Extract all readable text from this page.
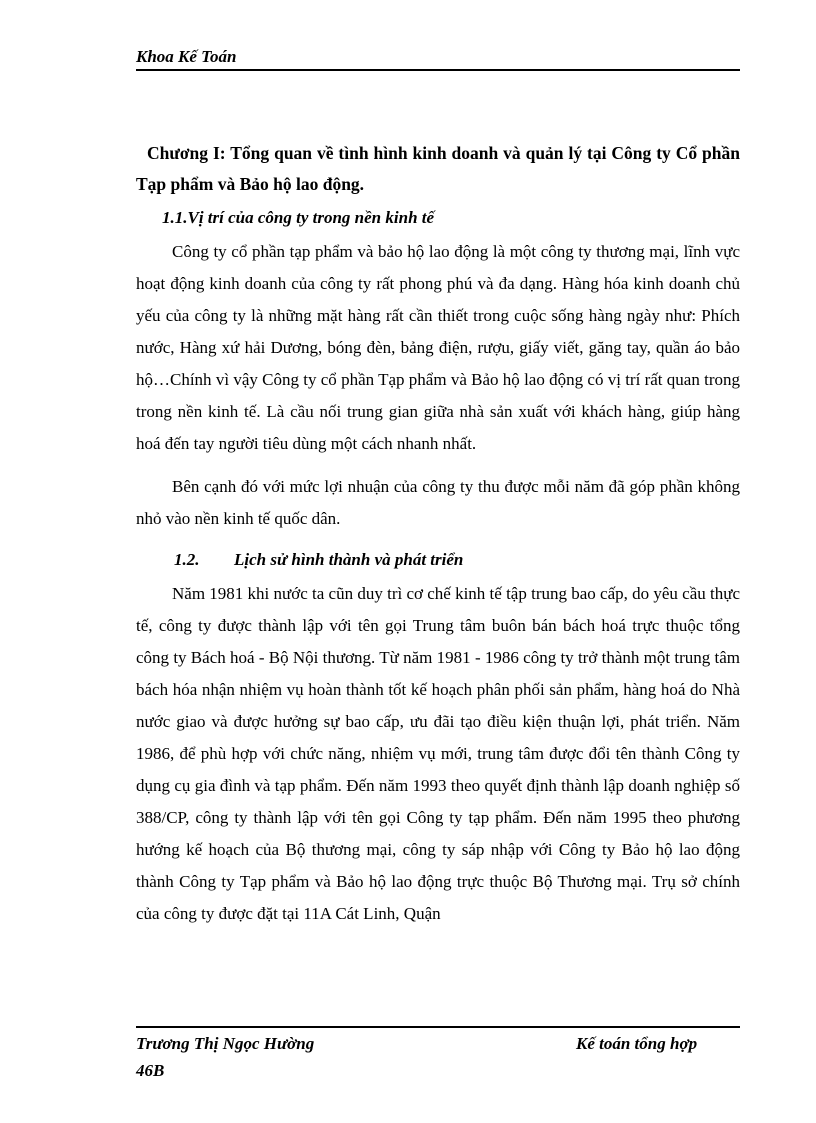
Khoa Kế Toán
Chương I: Tổng quan về tình hình kinh doanh và quản lý tại Công ty Cổ phần Tạp phẩm và Bảo hộ lao động.
1.1.Vị trí của công ty trong nền kinh tế

Công ty cổ phần tạp phẩm và bảo hộ lao động là một công ty thương mại, lĩnh vực hoạt động kinh doanh của công ty rất phong phú và đa dạng. Hàng hóa kinh doanh chủ yếu của công ty là những mặt hàng rất cần thiết trong cuộc sống hàng ngày như: Phích nước, Hàng xứ hải Dương, bóng đèn, bảng điện, rượu, giấy viết, găng tay, quần áo bảo hộ…Chính vì vậy Công ty cổ phần Tạp phẩm và Bảo hộ lao động có vị trí rất quan trong trong nền kinh tế. Là cầu nối trung gian giữa nhà sản xuất với khách hàng, giúp hàng hoá đến tay người tiêu dùng một cách nhanh nhất.

Bên cạnh đó với mức lợi nhuận của công ty thu được mỗi năm đã góp phần không nhỏ vào nền kinh tế quốc dân.

1.2. Lịch sử hình thành và phát triển

Năm 1981 khi nước ta cũn duy trì cơ chế kinh tế tập trung bao cấp, do yêu cầu thực tế, công ty được thành lập với tên gọi Trung tâm buôn bán bách hoá trực thuộc tổng công ty Bách hoá - Bộ Nội thương. Từ năm 1981 - 1986 công ty trở thành một trung tâm bách hóa nhận nhiệm vụ hoàn thành tốt kế hoạch phân phối sản phẩm, hàng hoá do Nhà nước giao và được hưởng sự bao cấp, ưu đãi tạo điều kiện thuận lợi, phát triển. Năm 1986, để phù hợp với chức năng, nhiệm vụ mới, trung tâm được đổi tên thành Công ty dụng cụ gia đình và tạp phẩm. Đến năm 1993 theo quyết định thành lập doanh nghiệp số 388/CP, công ty thành lập với tên gọi Công ty tạp phẩm. Đến năm 1995 theo phương hướng kế hoạch của Bộ thương mại, công ty sáp nhập với Công ty Bảo hộ lao động thành Công ty Tạp phẩm và Bảo hộ lao động trực thuộc Bộ Thương mại. Trụ sở chính của công ty được đặt tại 11A Cát Linh, Quận

Trương Thị Ngọc Hường	Kế toán tổng hợp
46B
